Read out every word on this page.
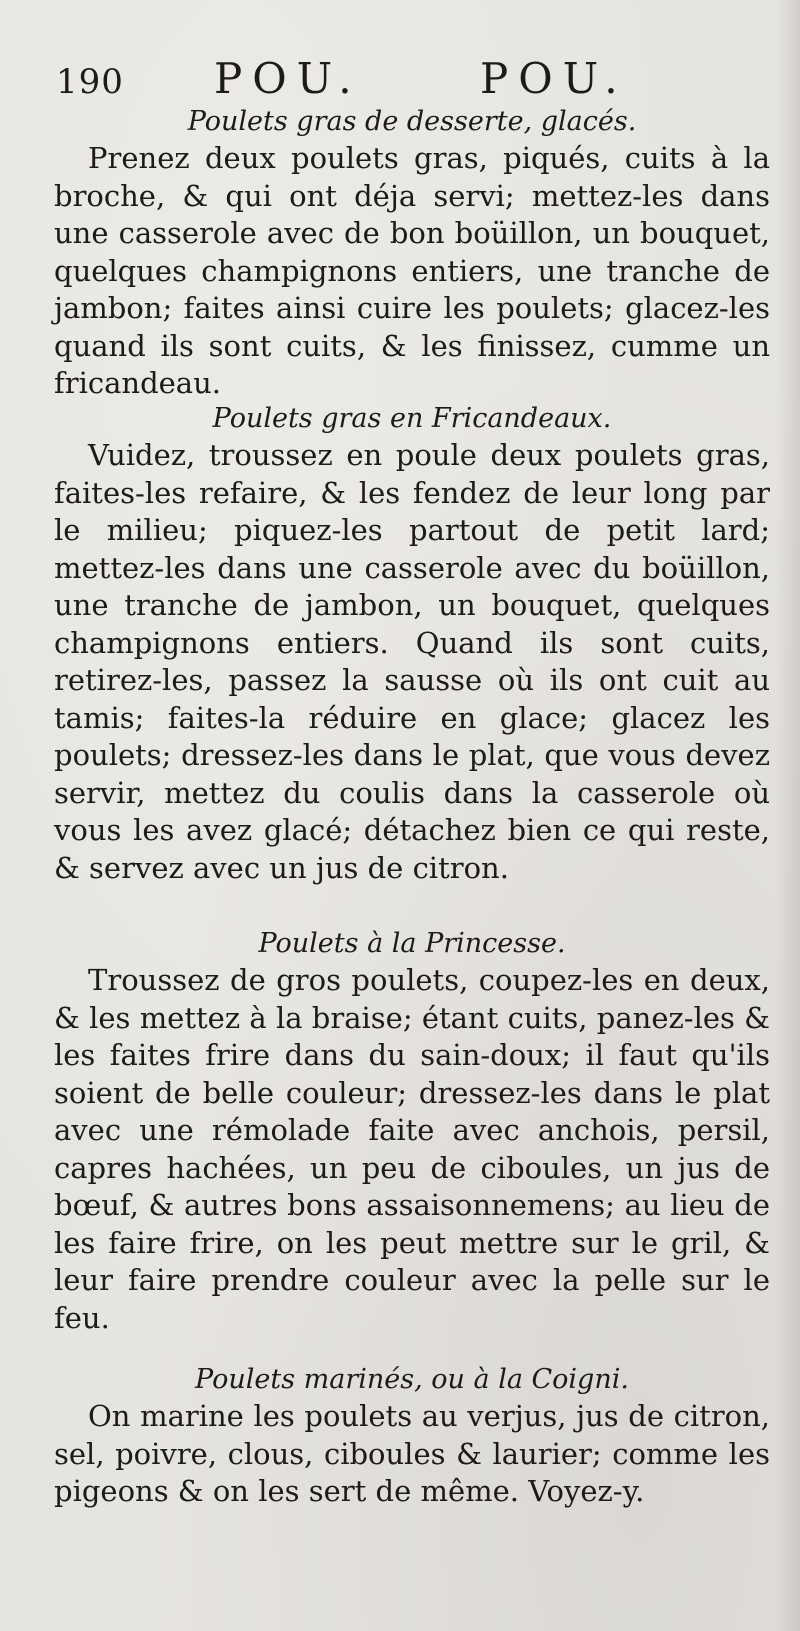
190 POU.	POU.

Poulets gras de desserte, glacés.

Prenez deux poulets gras, piqués, cuits à la broche, & qui ont déja servi; mettez-les dans une casserole avec de bon boüillon, un bouquet, quelques champignons entiers, une tranche de jambon; faites ainsi cuire les poulets; glacez-les quand ils sont cuits, & les finissez, cumme un fricandeau.

Poulets gras en Fricandeaux.

Vuidez, troussez en poule deux poulets gras, faites-les refaire, & les fendez de leur long par le milieu; piquez-les partout de petit lard; mettez-les dans une casserole avec du boüillon, une tranche de jambon, un bouquet, quelques champignons entiers. Quand ils sont cuits, retirez-les, passez la sausse où ils ont cuit au tamis; faites-la réduire en glace; glacez les poulets; dressez-les dans le plat, que vous devez servir, mettez du coulis dans la casserole où vous les avez glacé; détachez bien ce qui reste, & servez avec un jus de citron.

Poulets à la Princesse.

Troussez de gros poulets, coupez-les en deux, & les mettez à la braise; étant cuits, panez-les & les faites frire dans du sain-doux; il faut qu'ils soient de belle couleur; dressez-les dans le plat avec une rémolade faite avec anchois, persil, capres hachées, un peu de ciboules, un jus de bœuf, & autres bons assaisonnemens; au lieu de les faire frire, on les peut mettre sur le gril, & leur faire prendre couleur avec la pelle sur le feu.

Poulets marinés, ou à la Coigni.

On marine les poulets au verjus, jus de citron, sel, poivre, clous, ciboules & laurier; comme les pigeons & on les sert de même. Voyez-y.
